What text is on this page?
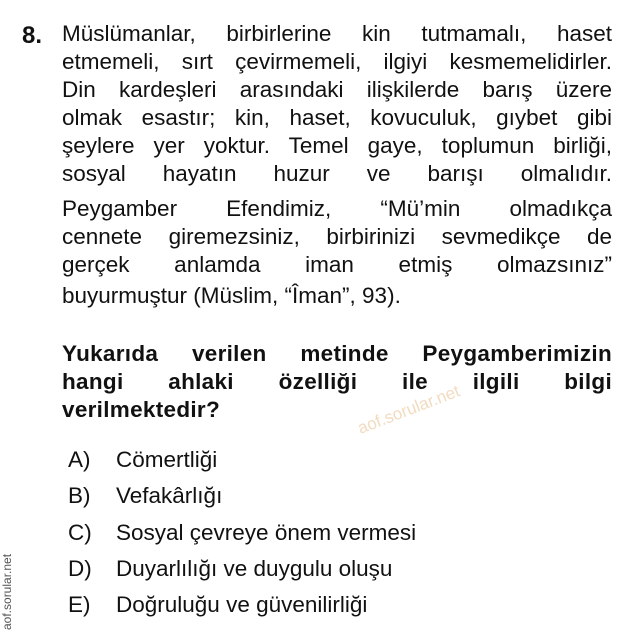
8. Müslümanlar, birbirlerine kin tutmamalı, haset
etmemeli, sırt çevirmemeli, ilgiyi kesmemelidirler.
Din kardeşleri arasındaki ilişkilerde barış üzere
olmak esastır; kin, haset, kovuculuk, gıybet gibi
şeylere yer yoktur. Temel gaye, toplumun birliği,
sosyal hayatın huzur ve barışı olmalıdır.
Peygamber Efendimiz, “Mü’min olmadıkça
cennete giremezsiniz, birbirinizi sevmedikçe de
gerçek anlamda iman etmiş olmazsınız”
buyurmuştur (Müslim, “Îman”, 93).
Yukarıda verilen metinde Peygamberimizin
hangi ahlaki özelliği ile ilgili bilgi
verilmektedir?	aof.sorular.net
A) Cömertliği
B) Vefakârlığı
C) Sosyal çevreye önem vermesi
D) Duyarlılığı ve duygulu oluşu
E) Doğruluğu ve güvenilirliği
aof.sorular.net
